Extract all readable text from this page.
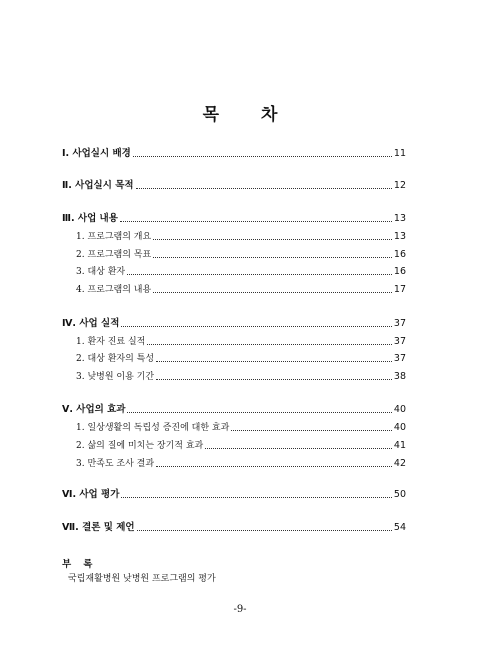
목 차
Ⅰ. 사업실시 배경	11
Ⅱ. 사업실시 목적	12
Ⅲ. 사업 내용	13
1. 프로그램의 개요	13
2. 프로그램의 목표	16
3. 대상 환자	16
4. 프로그램의 내용	17
Ⅳ. 사업 실적	37
1. 환자 진료 실적	37
2. 대상 환자의 특성	37
3. 낮병원 이용 기간	38
Ⅴ. 사업의 효과	40
1. 일상생활의 독립성 증진에 대한 효과	40
2. 삶의 질에 미치는 장기적 효과	41
3. 만족도 조사 결과	42
Ⅵ. 사업 평가	50
Ⅶ. 결론 및 제언	54
부 록
국립재활병원 낮병원 프로그램의 평가
-9-
